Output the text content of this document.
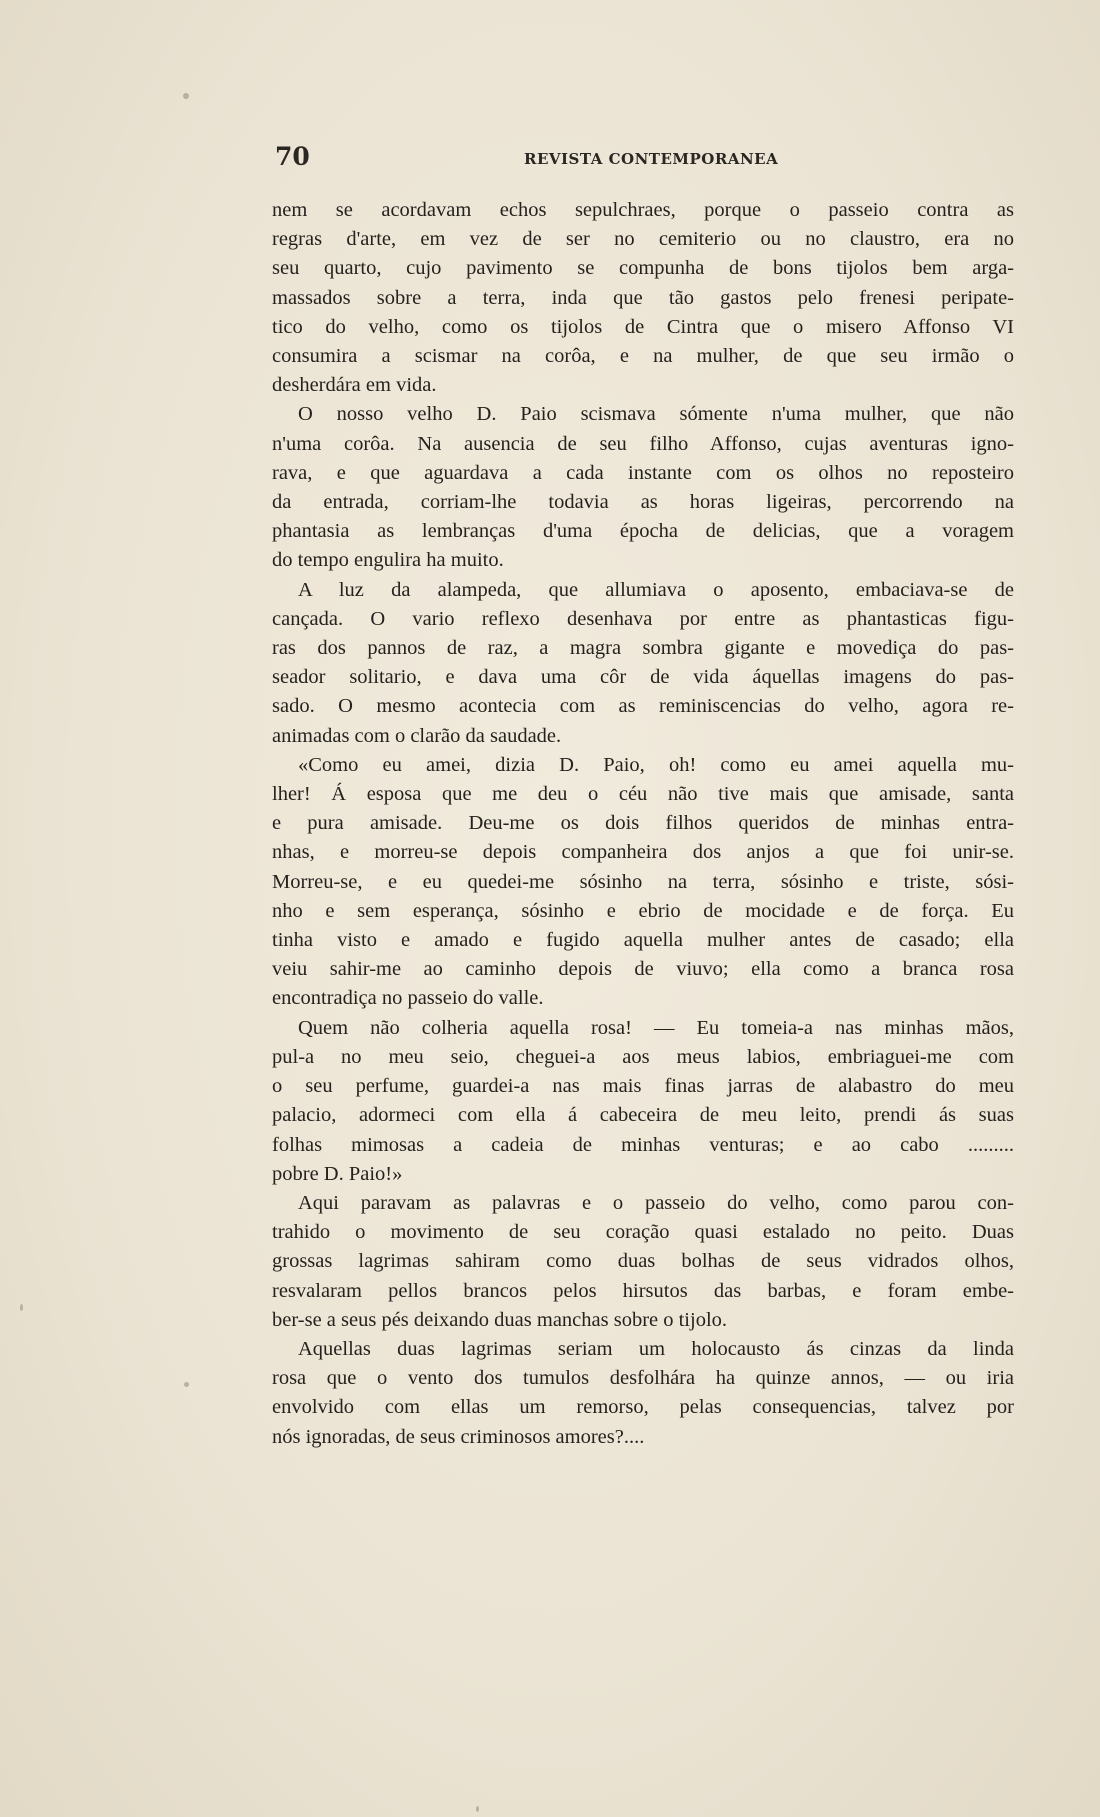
70	REVISTA CONTEMPORANEA
nem se acordavam echos sepulchraes, porque o passeio contra as
regras d'arte, em vez de ser no cemiterio ou no claustro, era no
seu quarto, cujo pavimento se compunha de bons tijolos bem arga-
massados sobre a terra, inda que tão gastos pelo frenesi peripate-
tico do velho, como os tijolos de Cintra que o misero Affonso VI
consumira a scismar na corôa, e na mulher, de que seu irmão o
desherdára em vida.
O nosso velho D. Paio scismava sómente n'uma mulher, que não
n'uma corôa. Na ausencia de seu filho Affonso, cujas aventuras igno-
rava, e que aguardava a cada instante com os olhos no reposteiro
da entrada, corriam-lhe todavia as horas ligeiras, percorrendo na
phantasia as lembranças d'uma épocha de delicias, que a voragem
do tempo engulira ha muito.
A luz da alampeda, que allumiava o aposento, embaciava-se de
cançada. O vario reflexo desenhava por entre as phantasticas figu-
ras dos pannos de raz, a magra sombra gigante e movediça do pas-
seador solitario, e dava uma côr de vida áquellas imagens do pas-
sado. O mesmo acontecia com as reminiscencias do velho, agora re-
animadas com o clarão da saudade.
«Como eu amei, dizia D. Paio, oh! como eu amei aquella mu-
lher! Á esposa que me deu o céu não tive mais que amisade, santa
e pura amisade. Deu-me os dois filhos queridos de minhas entra-
nhas, e morreu-se depois companheira dos anjos a que foi unir-se.
Morreu-se, e eu quedei-me sósinho na terra, sósinho e triste, sósi-
nho e sem esperança, sósinho e ebrio de mocidade e de força. Eu
tinha visto e amado e fugido aquella mulher antes de casado; ella
veiu sahir-me ao caminho depois de viuvo; ella como a branca rosa
encontradiça no passeio do valle.
Quem não colheria aquella rosa! — Eu tomeia-a nas minhas mãos,
pul-a no meu seio, cheguei-a aos meus labios, embriaguei-me com
o seu perfume, guardei-a nas mais finas jarras de alabastro do meu
palacio, adormeci com ella á cabeceira de meu leito, prendi ás suas
folhas mimosas a cadeia de minhas venturas; e ao cabo .........
pobre D. Paio!»
Aqui paravam as palavras e o passeio do velho, como parou con-
trahido o movimento de seu coração quasi estalado no peito. Duas
grossas lagrimas sahiram como duas bolhas de seus vidrados olhos,
resvalaram pellos brancos pelos hirsutos das barbas, e foram embe-
ber-se a seus pés deixando duas manchas sobre o tijolo.
Aquellas duas lagrimas seriam um holocausto ás cinzas da linda
rosa que o vento dos tumulos desfolhára ha quinze annos, — ou iria
envolvido com ellas um remorso, pelas consequencias, talvez por
nós ignoradas, de seus criminosos amores?....
